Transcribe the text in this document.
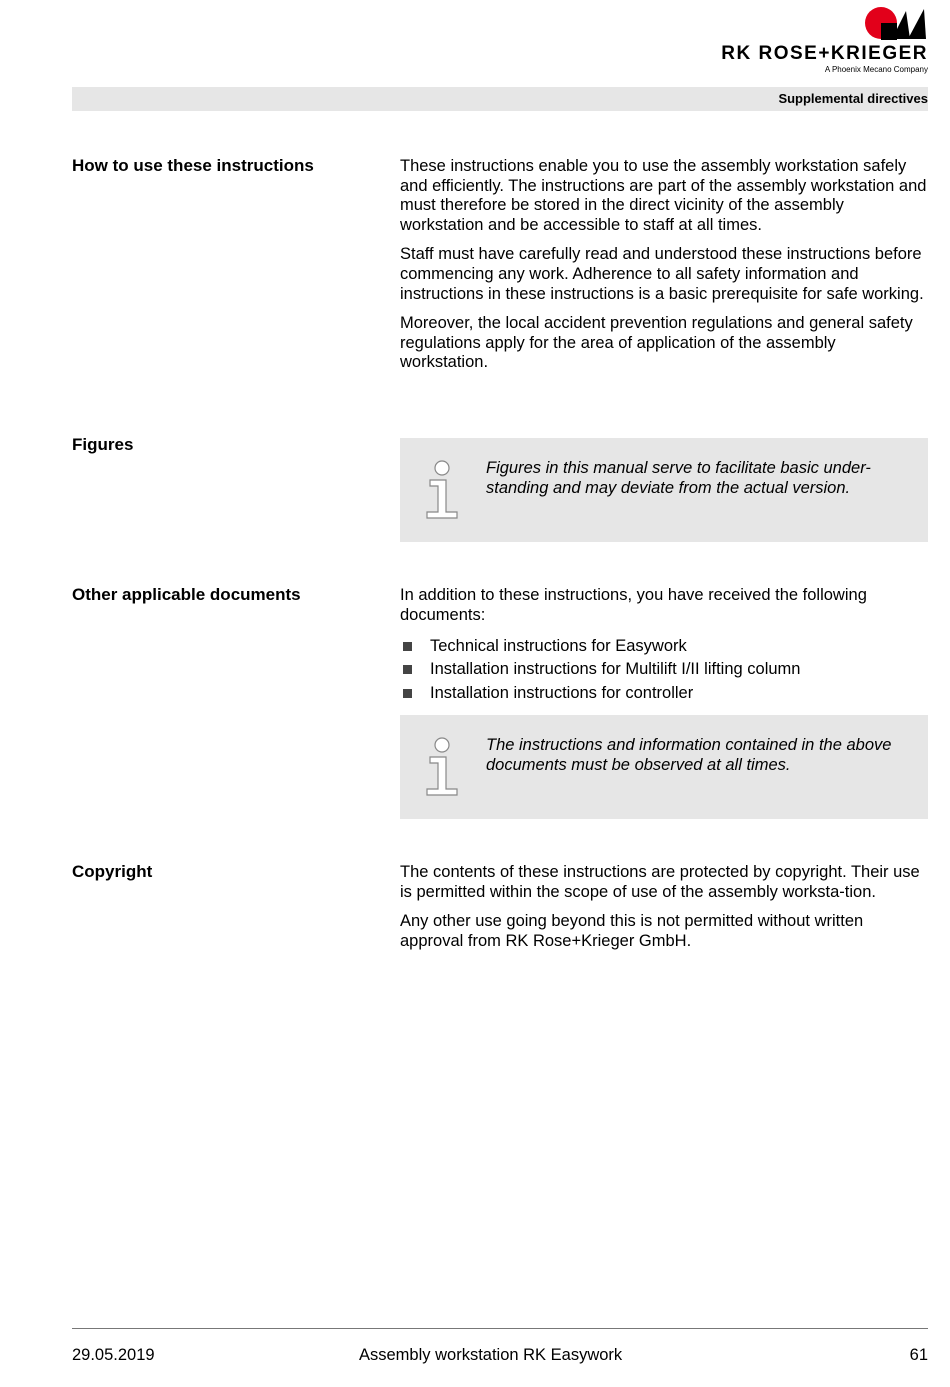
RK ROSE+KRIEGER
A Phoenix Mecano Company
Supplemental directives
How to use these instructions	These instructions enable you to use the assembly workstation safely and efficiently. The instructions are part of the assembly workstation and must therefore be stored in the direct vicinity of the assembly workstation and be accessible to staff at all times.

Staff must have carefully read and understood these instructions before commencing any work. Adherence to all safety information and instructions in these instructions is a basic prerequisite for safe working.

Moreover, the local accident prevention regulations and general safety regulations apply for the area of application of the assembly workstation.

Figures
Figures in this manual serve to facilitate basic under-standing and may deviate from the actual version.
Other applicable documents	In addition to these instructions, you have received the following documents:

Technical instructions for Easywork
Installation instructions for Multilift I/II lifting column
Installation instructions for controller
The instructions and information contained in the above documents must be observed at all times.
Copyright	The contents of these instructions are protected by copyright. Their use is permitted within the scope of use of the assembly worksta-tion.

Any other use going beyond this is not permitted without written approval from RK Rose+Krieger GmbH.

29.05.2019	Assembly workstation RK Easywork	61
